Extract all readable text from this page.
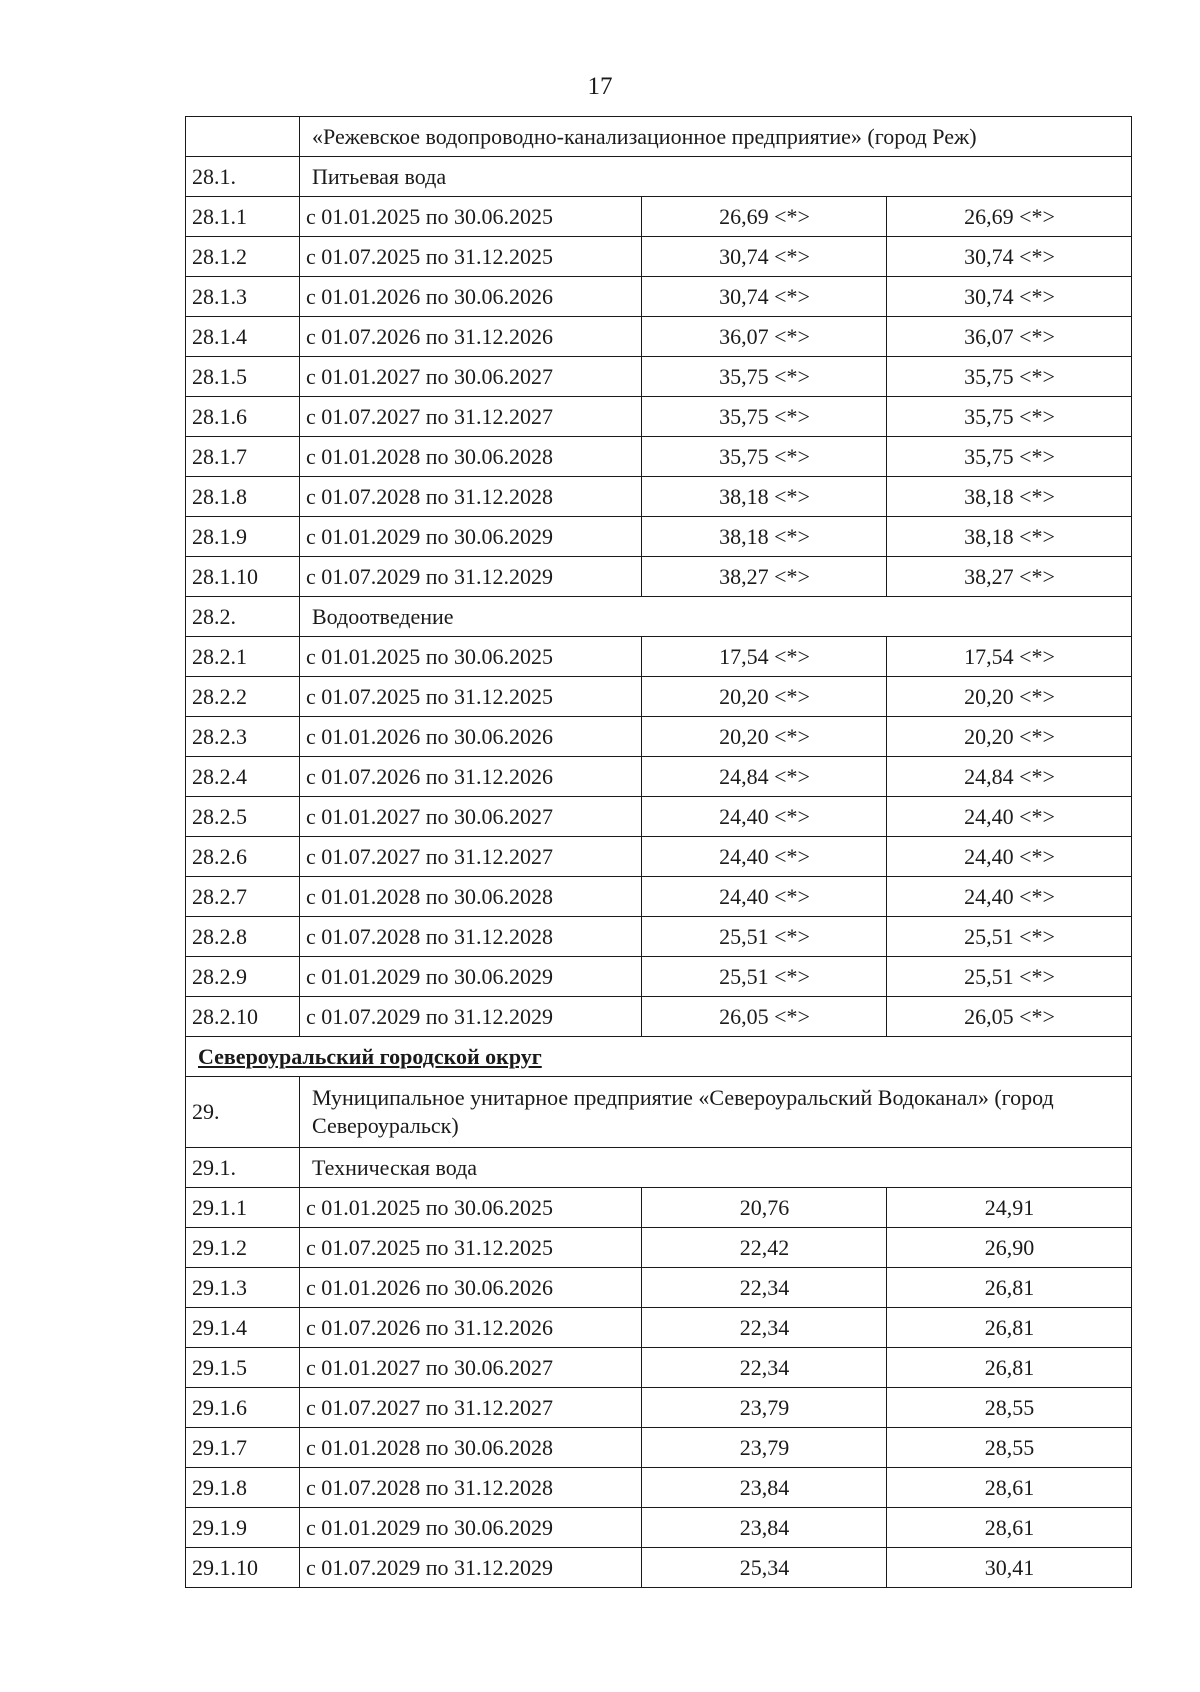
17
	«Режевское водопроводно-канализационное предприятие» (город Реж)		
28.1.	Питьевая вода		
28.1.1	с 01.01.2025 по 30.06.2025	26,69 <*>	26,69 <*>
28.1.2	с 01.07.2025 по 31.12.2025	30,74 <*>	30,74 <*>
28.1.3	с 01.01.2026 по 30.06.2026	30,74 <*>	30,74 <*>
28.1.4	с 01.07.2026 по 31.12.2026	36,07 <*>	36,07 <*>
28.1.5	с 01.01.2027 по 30.06.2027	35,75 <*>	35,75 <*>
28.1.6	с 01.07.2027 по 31.12.2027	35,75 <*>	35,75 <*>
28.1.7	с 01.01.2028 по 30.06.2028	35,75 <*>	35,75 <*>
28.1.8	с 01.07.2028 по 31.12.2028	38,18 <*>	38,18 <*>
28.1.9	с 01.01.2029 по 30.06.2029	38,18 <*>	38,18 <*>
28.1.10	с 01.07.2029 по 31.12.2029	38,27 <*>	38,27 <*>
28.2.	Водоотведение		
28.2.1	с 01.01.2025 по 30.06.2025	17,54 <*>	17,54 <*>
28.2.2	с 01.07.2025 по 31.12.2025	20,20 <*>	20,20 <*>
28.2.3	с 01.01.2026 по 30.06.2026	20,20 <*>	20,20 <*>
28.2.4	с 01.07.2026 по 31.12.2026	24,84 <*>	24,84 <*>
28.2.5	с 01.01.2027 по 30.06.2027	24,40 <*>	24,40 <*>
28.2.6	с 01.07.2027 по 31.12.2027	24,40 <*>	24,40 <*>
28.2.7	с 01.01.2028 по 30.06.2028	24,40 <*>	24,40 <*>
28.2.8	с 01.07.2028 по 31.12.2028	25,51 <*>	25,51 <*>
28.2.9	с 01.01.2029 по 30.06.2029	25,51 <*>	25,51 <*>
28.2.10	с 01.07.2029 по 31.12.2029	26,05 <*>	26,05 <*>
Североуральский городской округ			
29.	Муниципальное унитарное предприятие «Североуральский Водоканал» (город Североуральск)		
29.1.	Техническая вода		
29.1.1	с 01.01.2025 по 30.06.2025	20,76	24,91
29.1.2	с 01.07.2025 по 31.12.2025	22,42	26,90
29.1.3	с 01.01.2026 по 30.06.2026	22,34	26,81
29.1.4	с 01.07.2026 по 31.12.2026	22,34	26,81
29.1.5	с 01.01.2027 по 30.06.2027	22,34	26,81
29.1.6	с 01.07.2027 по 31.12.2027	23,79	28,55
29.1.7	с 01.01.2028 по 30.06.2028	23,79	28,55
29.1.8	с 01.07.2028 по 31.12.2028	23,84	28,61
29.1.9	с 01.01.2029 по 30.06.2029	23,84	28,61
29.1.10	с 01.07.2029 по 31.12.2029	25,34	30,41
